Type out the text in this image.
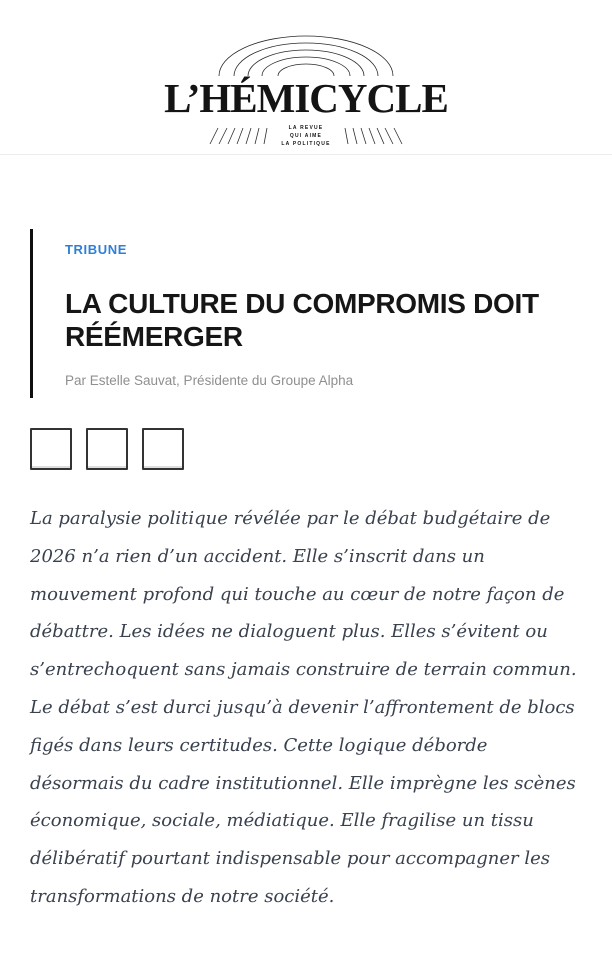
L’HÉMICYCLE
LA REVUE
QUI AIME
LA POLITIQUE
TRIBUNE
LA CULTURE DU COMPROMIS DOIT RÉÉMERGER
Par Estelle Sauvat, Présidente du Groupe Alpha

La paralysie politique révélée par le débat budgétaire de 2026 n’a rien d’un accident. Elle s’inscrit dans un mouvement profond qui touche au cœur de notre façon de débattre. Les idées ne dialoguent plus. Elles s’évitent ou s’entrechoquent sans jamais construire de terrain commun. Le débat s’est durci jusqu’à devenir l’affrontement de blocs figés dans leurs certitudes. Cette logique déborde désormais du cadre institutionnel. Elle imprègne les scènes économique, sociale, médiatique. Elle fragilise un tissu délibératif pourtant indispensable pour accompagner les transformations de notre société.
